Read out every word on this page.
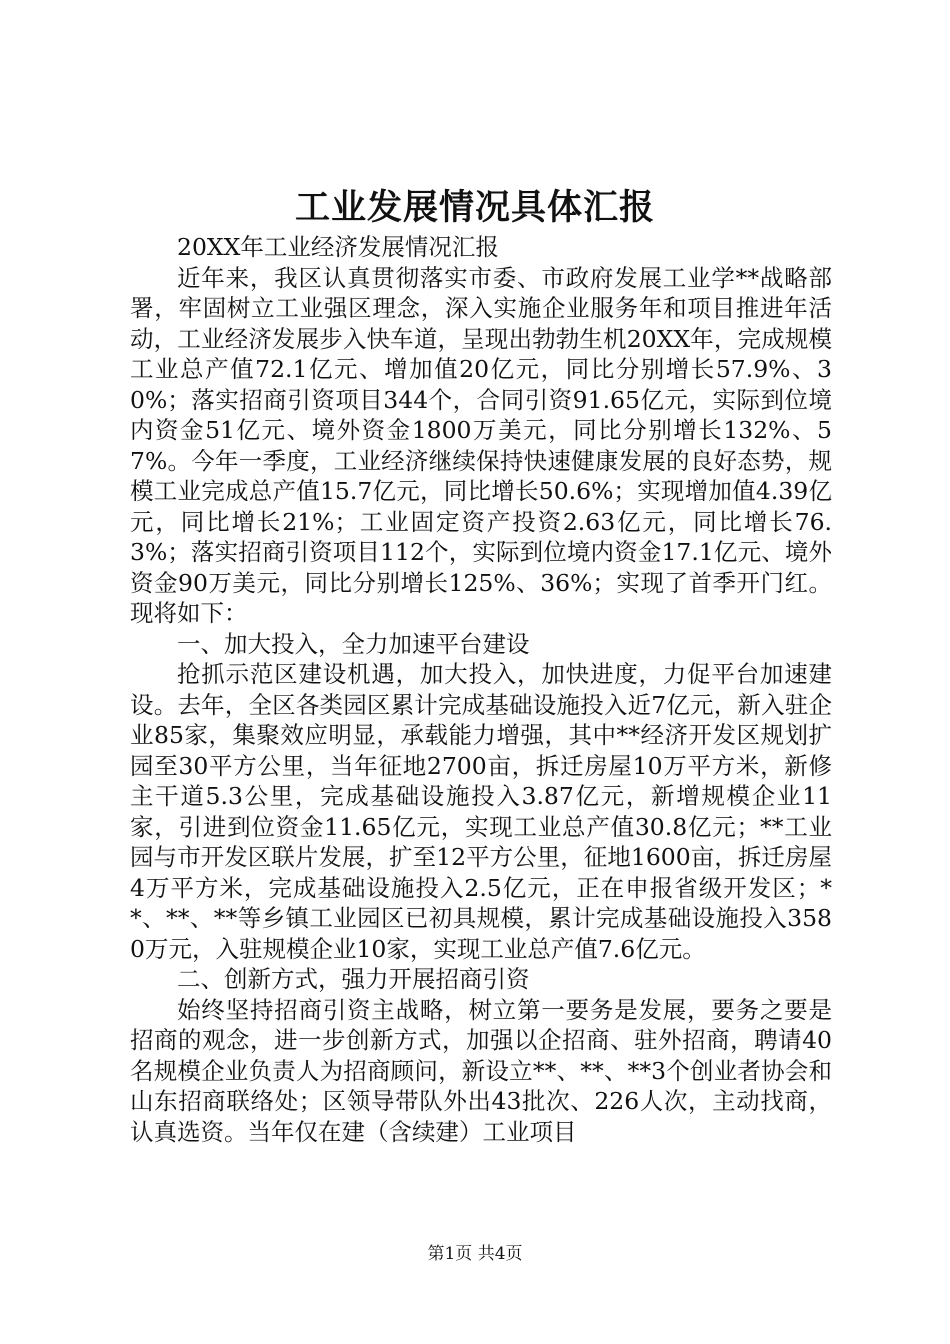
工业发展情况具体汇报

20XX年工业经济发展情况汇报

近年来，我区认真贯彻落实市委、市政府发展工业学**战略部署，牢固树立工业强区理念，深入实施企业服务年和项目推进年活动，工业经济发展步入快车道，呈现出勃勃生机20XX年，完成规模工业总产值72.1亿元、增加值20亿元，同比分别增长57.9%、30%；落实招商引资项目344个，合同引资91.65亿元，实际到位境内资金51亿元、境外资金1800万美元，同比分别增长132%、57%。今年一季度，工业经济继续保持快速健康发展的良好态势，规模工业完成总产值15.7亿元，同比增长50.6%；实现增加值4.39亿元，同比增长21%；工业固定资产投资2.63亿元，同比增长76.3%；落实招商引资项目112个，实际到位境内资金17.1亿元、境外资金90万美元，同比分别增长125%、36%；实现了首季开门红。现将如下：

一、加大投入，全力加速平台建设

抢抓示范区建设机遇，加大投入，加快进度，力促平台加速建设。去年，全区各类园区累计完成基础设施投入近7亿元，新入驻企业85家，集聚效应明显，承载能力增强，其中**经济开发区规划扩园至30平方公里，当年征地2700亩，拆迁房屋10万平方米，新修主干道5.3公里，完成基础设施投入3.87亿元，新增规模企业11家，引进到位资金11.65亿元，实现工业总产值30.8亿元；**工业园与市开发区联片发展，扩至12平方公里，征地1600亩，拆迁房屋4万平方米，完成基础设施投入2.5亿元，正在申报省级开发区；**、**、**等乡镇工业园区已初具规模，累计完成基础设施投入3580万元，入驻规模企业10家，实现工业总产值7.6亿元。

二、创新方式，强力开展招商引资

始终坚持招商引资主战略，树立第一要务是发展，要务之要是招商的观念，进一步创新方式，加强以企招商、驻外招商，聘请40名规模企业负责人为招商顾问，新设立**、**、**3个创业者协会和山东招商联络处；区领导带队外出43批次、226人次，主动找商，认真选资。当年仅在建（含续建）工业项目

第1页 共4页
